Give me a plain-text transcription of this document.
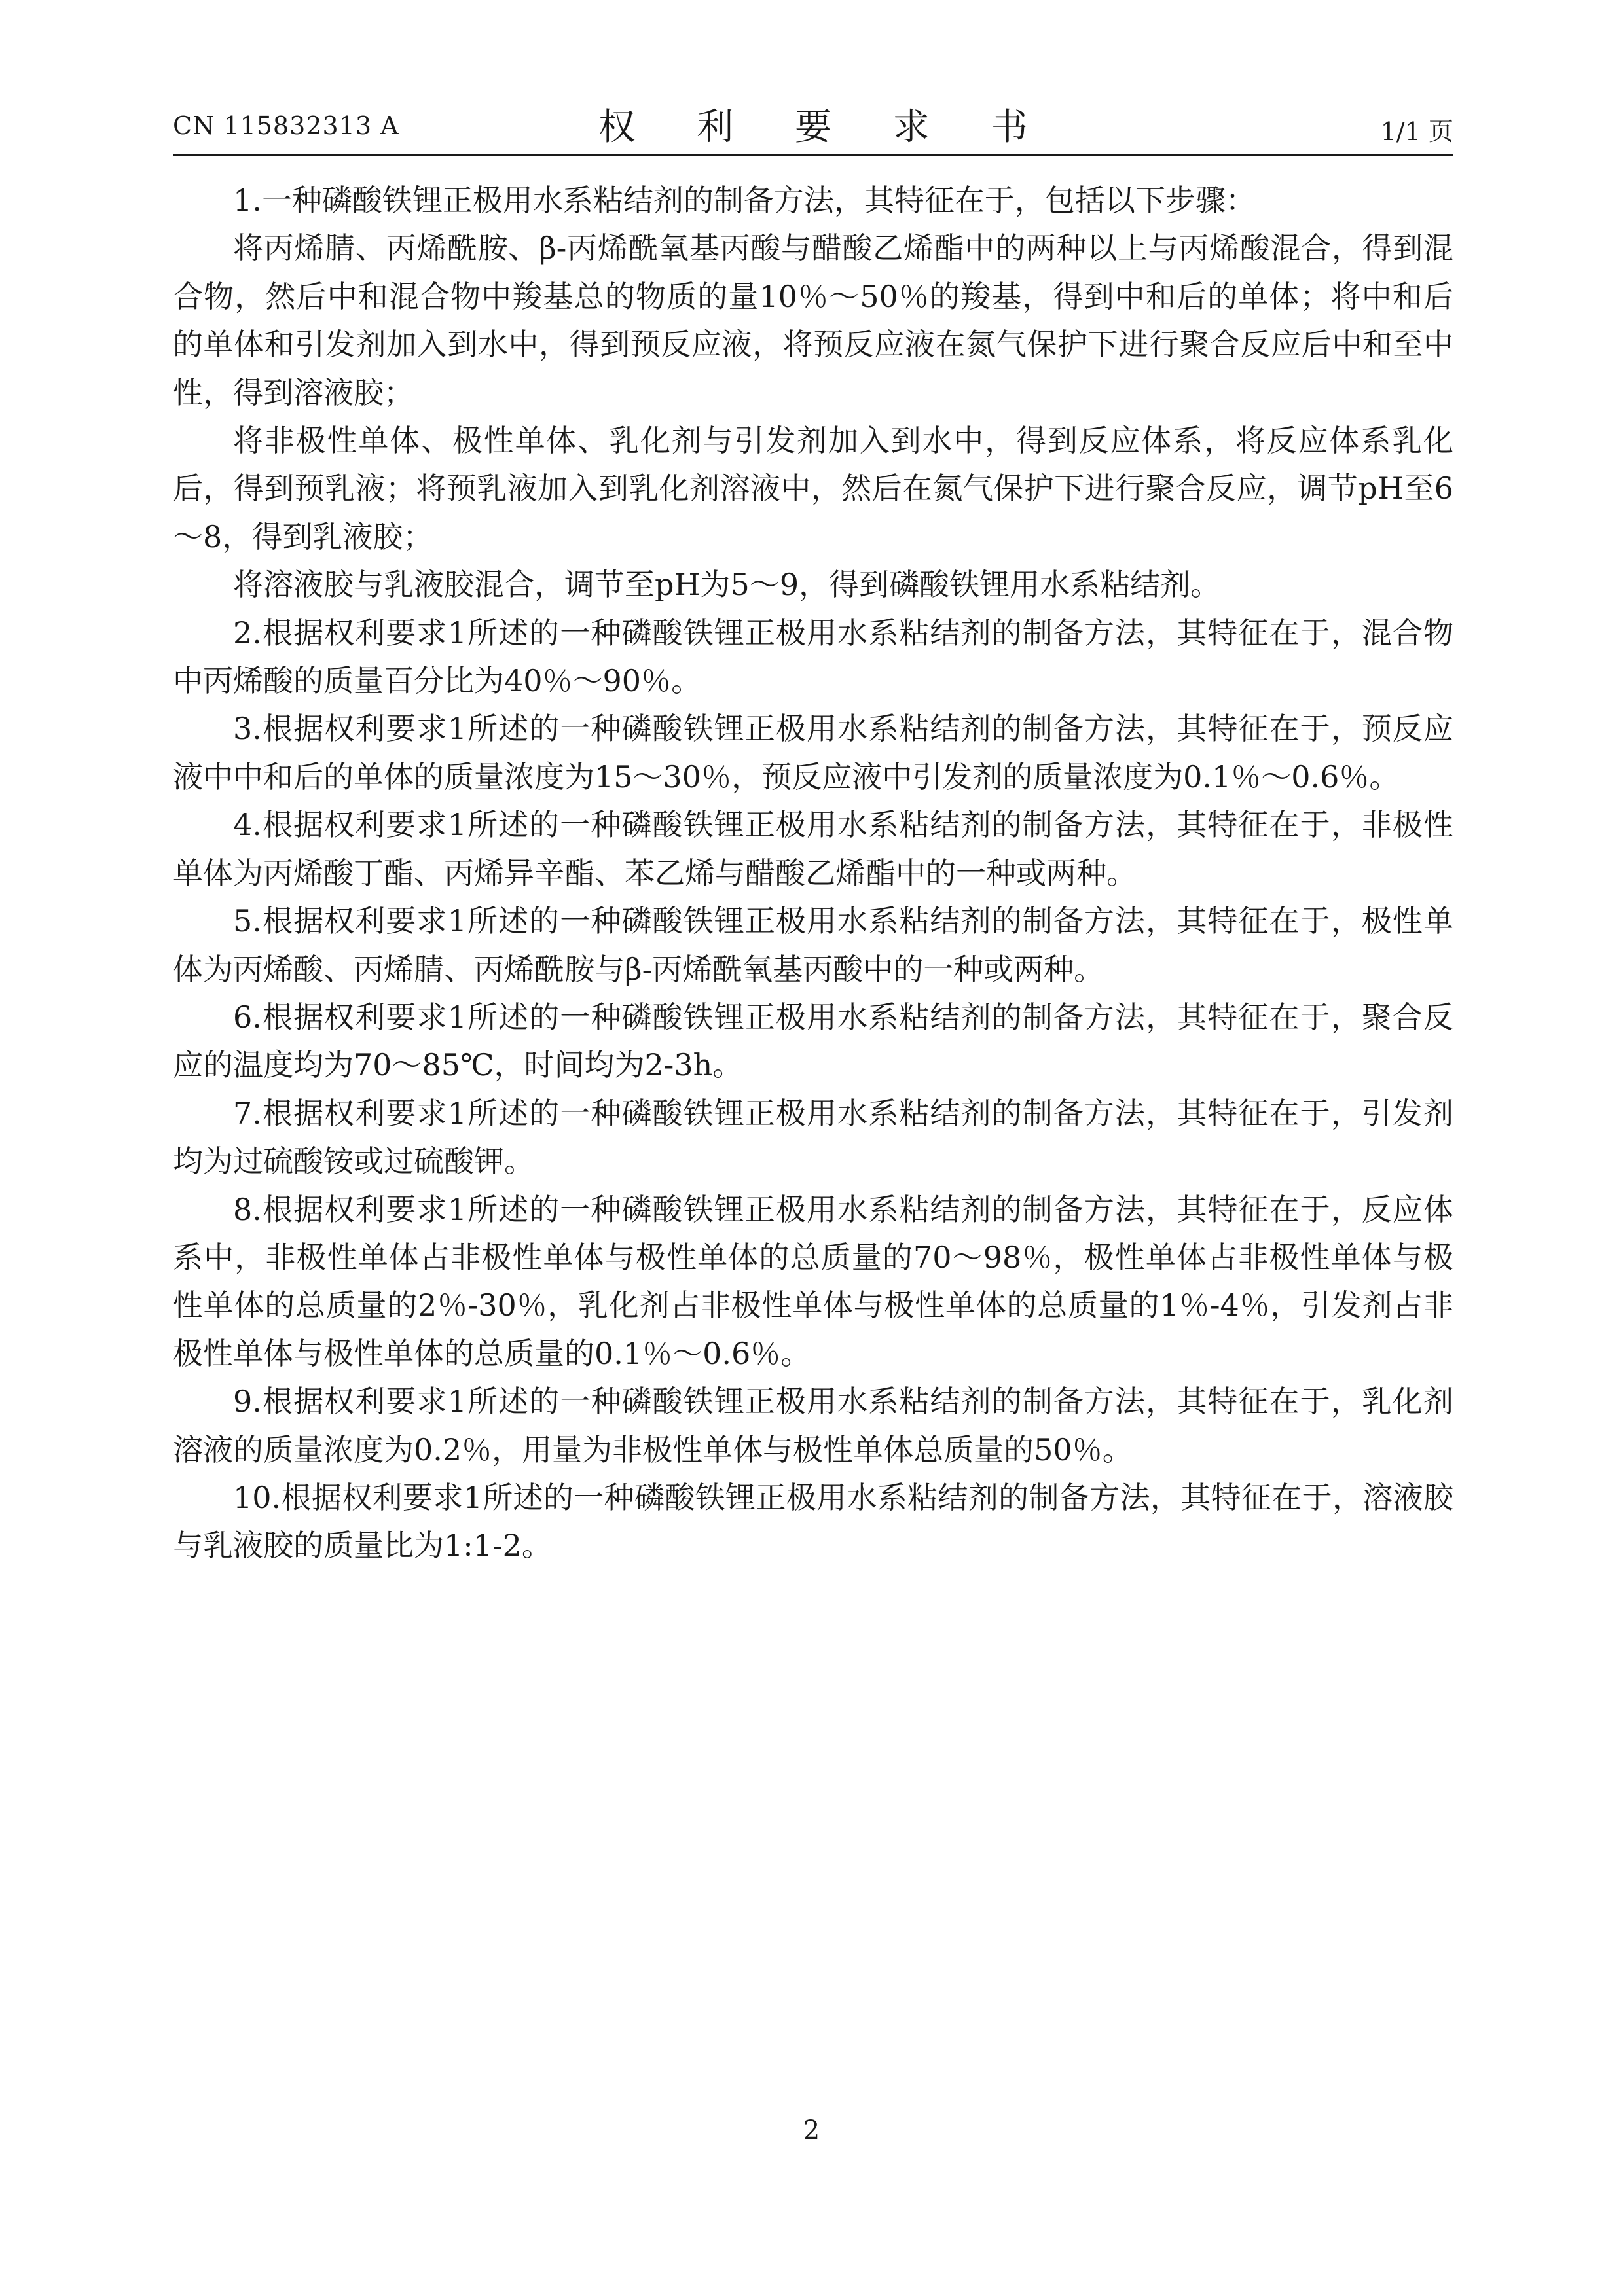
CN 115832313 A	权 利 要 求 书	1/1 页

1.一种磷酸铁锂正极用水系粘结剂的制备方法，其特征在于，包括以下步骤：

将丙烯腈、丙烯酰胺、β-丙烯酰氧基丙酸与醋酸乙烯酯中的两种以上与丙烯酸混合，得到混合物，然后中和混合物中羧基总的物质的量10％～50％的羧基，得到中和后的单体；将中和后的单体和引发剂加入到水中，得到预反应液，将预反应液在氮气保护下进行聚合反应后中和至中性，得到溶液胶；

将非极性单体、极性单体、乳化剂与引发剂加入到水中，得到反应体系，将反应体系乳化后，得到预乳液；将预乳液加入到乳化剂溶液中，然后在氮气保护下进行聚合反应，调节pH至6～8，得到乳液胶；

将溶液胶与乳液胶混合，调节至pH为5～9，得到磷酸铁锂用水系粘结剂。

2.根据权利要求1所述的一种磷酸铁锂正极用水系粘结剂的制备方法，其特征在于，混合物中丙烯酸的质量百分比为40％～90％。

3.根据权利要求1所述的一种磷酸铁锂正极用水系粘结剂的制备方法，其特征在于，预反应液中中和后的单体的质量浓度为15～30％，预反应液中引发剂的质量浓度为0.1％～0.6％。

4.根据权利要求1所述的一种磷酸铁锂正极用水系粘结剂的制备方法，其特征在于，非极性单体为丙烯酸丁酯、丙烯异辛酯、苯乙烯与醋酸乙烯酯中的一种或两种。

5.根据权利要求1所述的一种磷酸铁锂正极用水系粘结剂的制备方法，其特征在于，极性单体为丙烯酸、丙烯腈、丙烯酰胺与β-丙烯酰氧基丙酸中的一种或两种。

6.根据权利要求1所述的一种磷酸铁锂正极用水系粘结剂的制备方法，其特征在于，聚合反应的温度均为70～85℃，时间均为2-3h。

7.根据权利要求1所述的一种磷酸铁锂正极用水系粘结剂的制备方法，其特征在于，引发剂均为过硫酸铵或过硫酸钾。

8.根据权利要求1所述的一种磷酸铁锂正极用水系粘结剂的制备方法，其特征在于，反应体系中，非极性单体占非极性单体与极性单体的总质量的70～98％，极性单体占非极性单体与极性单体的总质量的2％-30％，乳化剂占非极性单体与极性单体的总质量的1％-4％，引发剂占非极性单体与极性单体的总质量的0.1％～0.6％。

9.根据权利要求1所述的一种磷酸铁锂正极用水系粘结剂的制备方法，其特征在于，乳化剂溶液的质量浓度为0.2％，用量为非极性单体与极性单体总质量的50％。

10.根据权利要求1所述的一种磷酸铁锂正极用水系粘结剂的制备方法，其特征在于，溶液胶与乳液胶的质量比为1:1-2。

2
